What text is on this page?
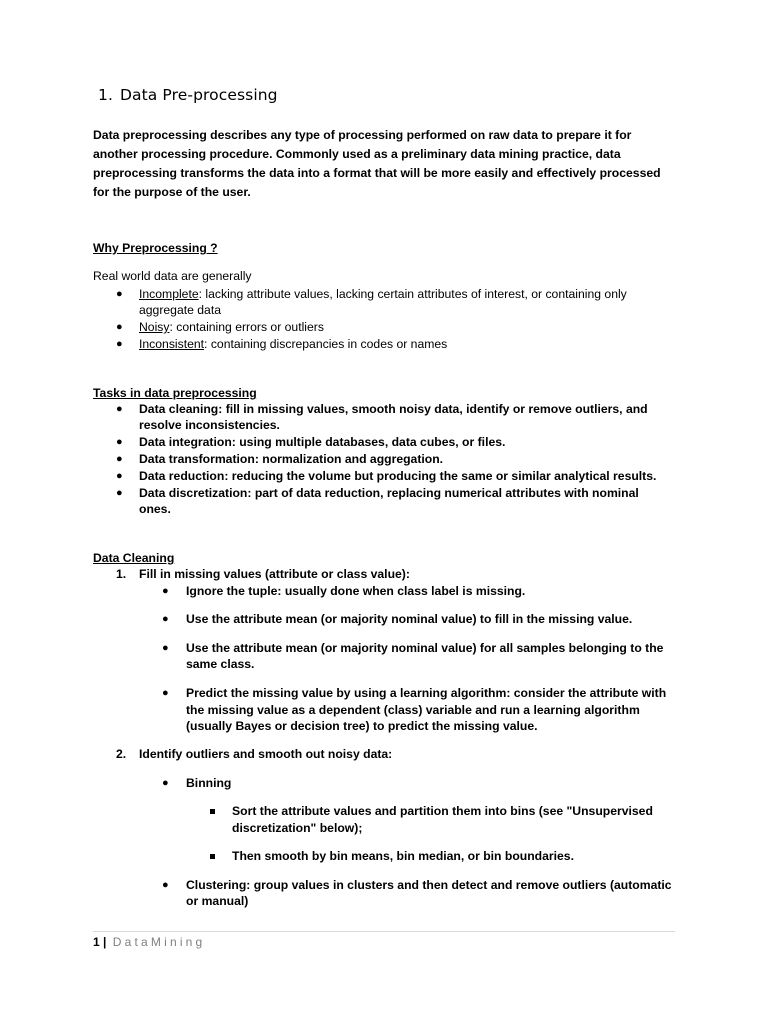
1. Data Pre-processing
Data preprocessing describes any type of processing performed on raw data to prepare it for
another processing procedure. Commonly used as a preliminary data mining practice, data
preprocessing transforms the data into a format that will be more easily and effectively processed
for the purpose of the user.
Why Preprocessing ?
Real world data are generally
● Incomplete: lacking attribute values, lacking certain attributes of interest, or containing only
aggregate data
● Noisy: containing errors or outliers
● Inconsistent: containing discrepancies in codes or names
Tasks in data preprocessing
● Data cleaning: fill in missing values, smooth noisy data, identify or remove outliers, and
resolve inconsistencies.
● Data integration: using multiple databases, data cubes, or files.
● Data transformation: normalization and aggregation.
● Data reduction: reducing the volume but producing the same or similar analytical results.
● Data discretization: part of data reduction, replacing numerical attributes with nominal
ones.
Data Cleaning
1. Fill in missing values (attribute or class value):
● Ignore the tuple: usually done when class label is missing.
● Use the attribute mean (or majority nominal value) to fill in the missing value.
● Use the attribute mean (or majority nominal value) for all samples belonging to the
same class.
● Predict the missing value by using a learning algorithm: consider the attribute with
the missing value as a dependent (class) variable and run a learning algorithm
(usually Bayes or decision tree) to predict the missing value.
2. Identify outliers and smooth out noisy data:
● Binning
Sort the attribute values and partition them into bins (see "Unsupervised
discretization" below);
Then smooth by bin means, bin median, or bin boundaries.
● Clustering: group values in clusters and then detect and remove outliers (automatic
or manual)
1 | DataMining
